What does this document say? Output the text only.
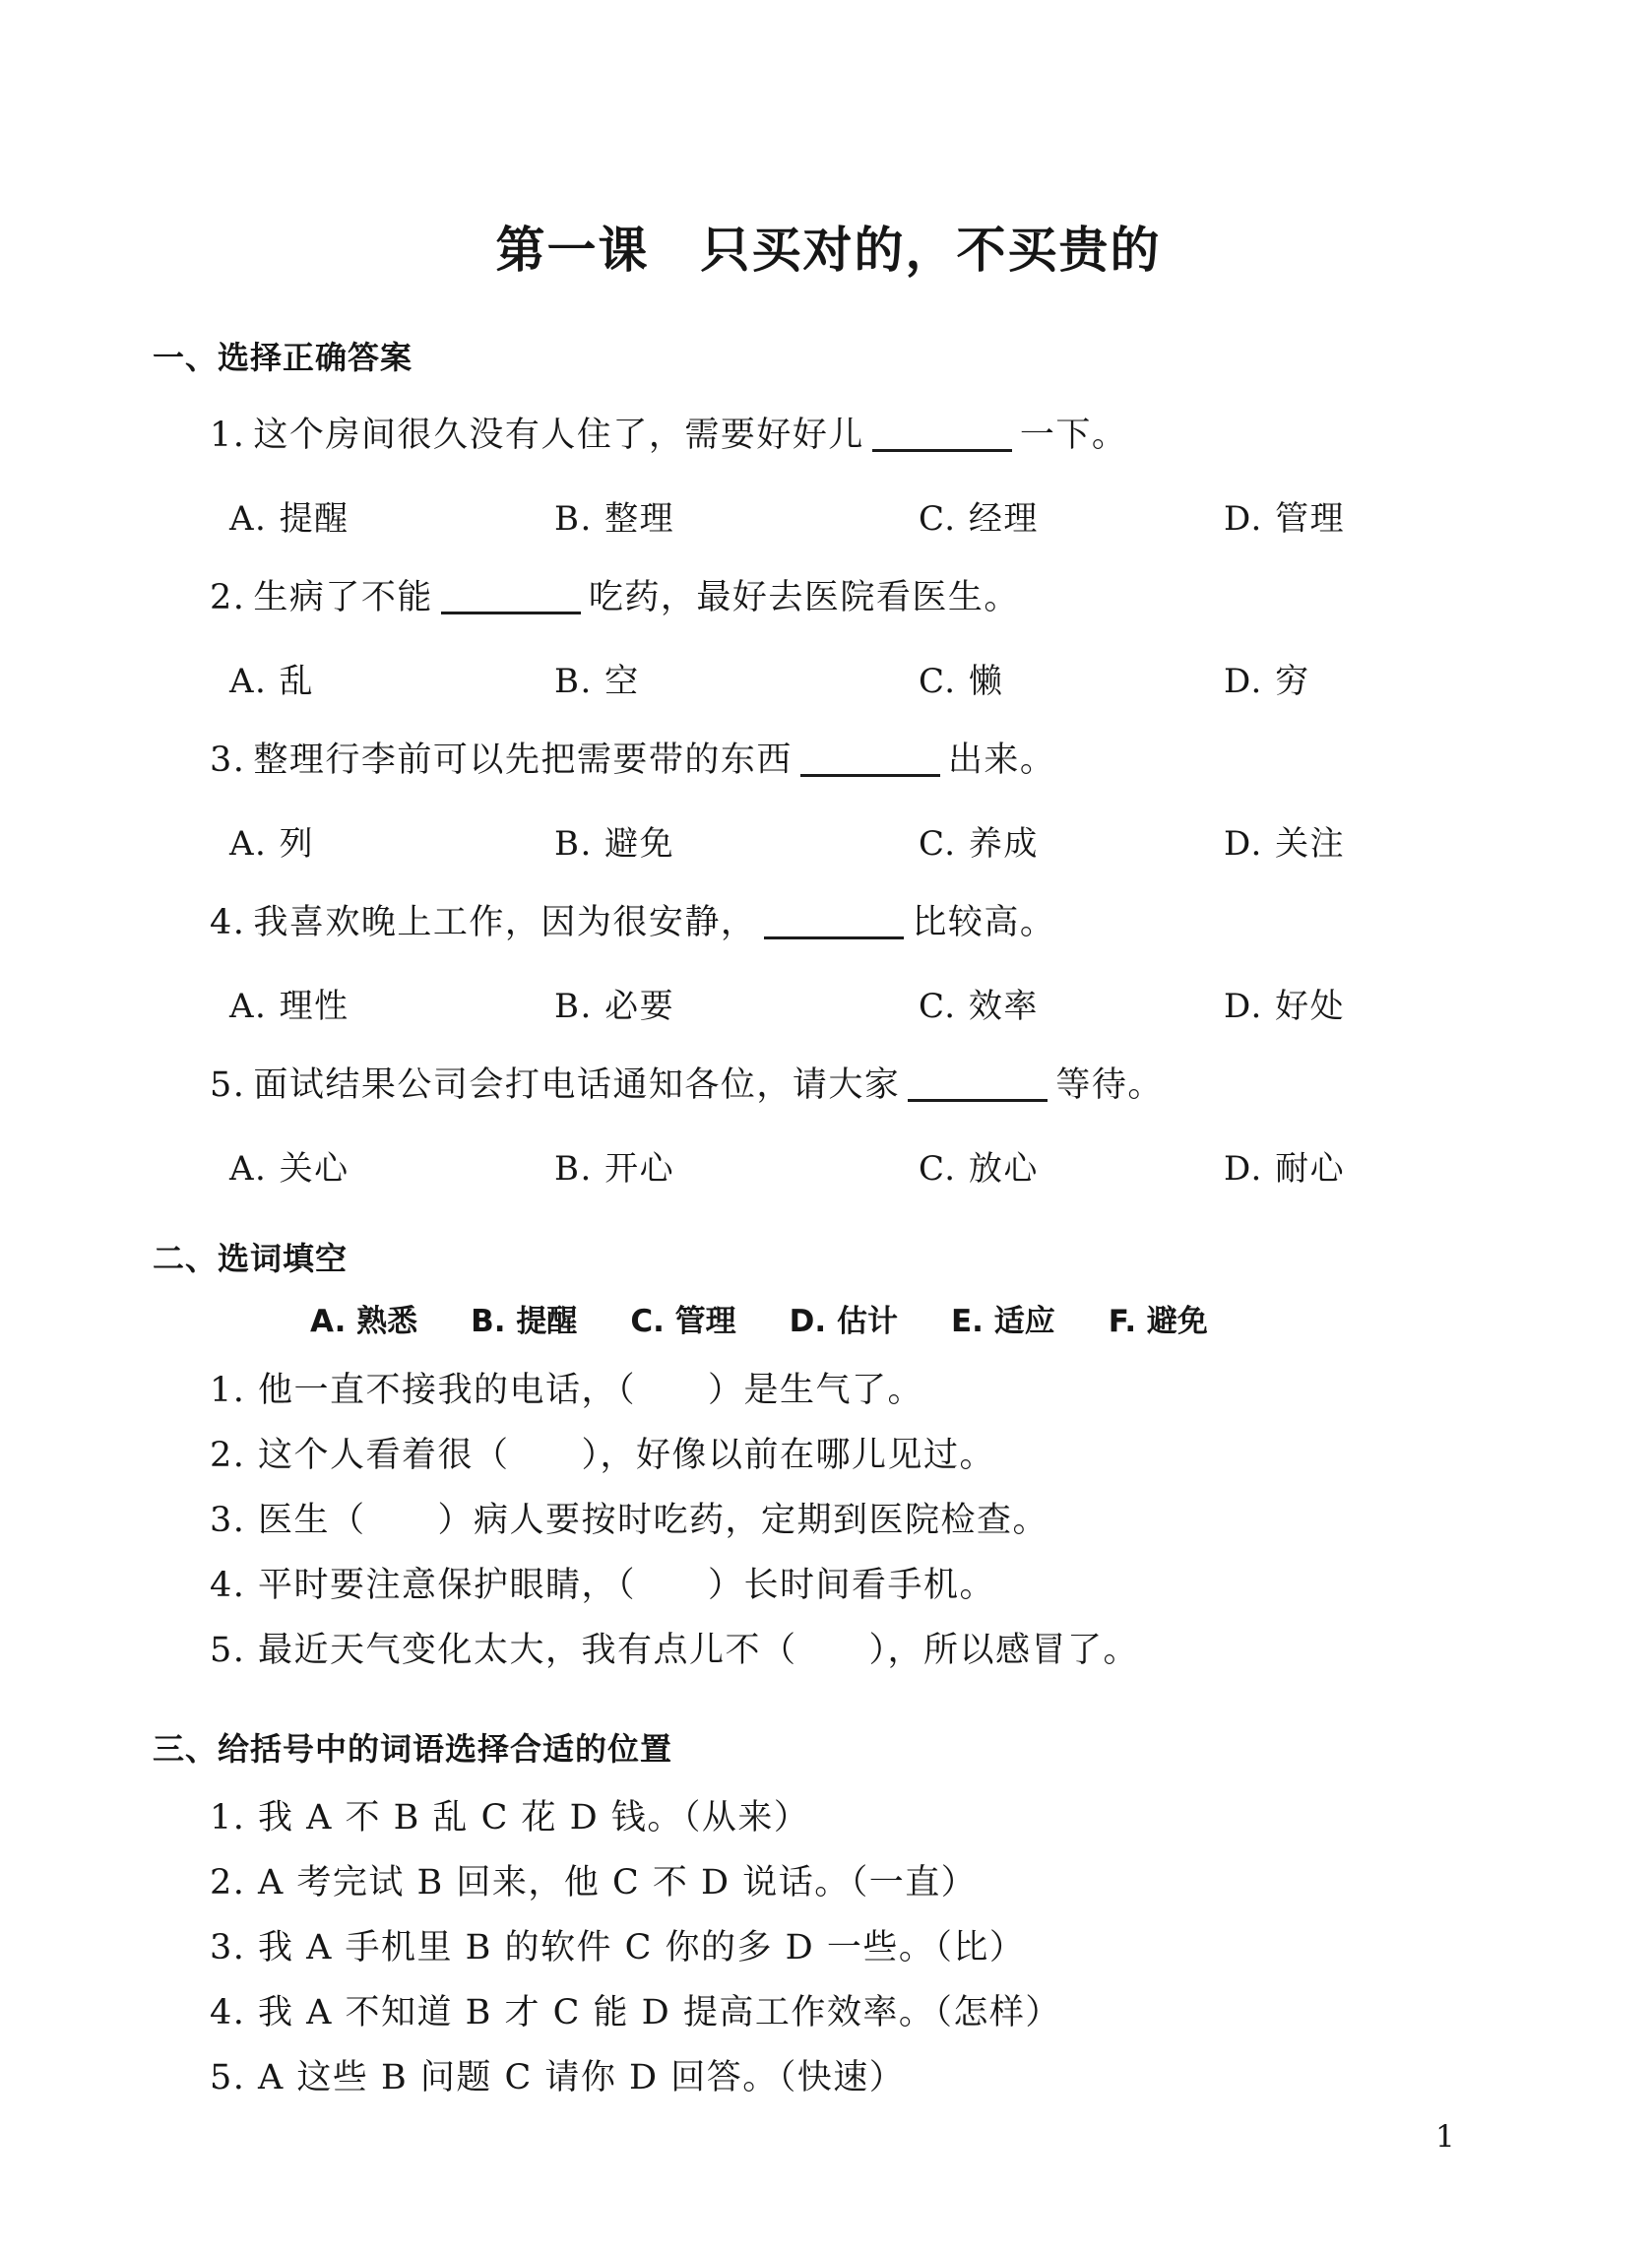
第一课　只买对的，不买贵的
一、选择正确答案
1. 这个房间很久没有人住了，需要好好儿	一下。
A. 提醒	B. 整理	C. 经理	D. 管理
2. 生病了不能	吃药，最好去医院看医生。
A. 乱	B. 空	C. 懒	D. 穷
3. 整理行李前可以先把需要带的东西	出来。
A. 列	B. 避免	C. 养成	D. 关注
4. 我喜欢晚上工作，因为很安静，	比较高。
A. 理性	B. 必要	C. 效率	D. 好处
5. 面试结果公司会打电话通知各位，请大家	等待。
A. 关心	B. 开心	C. 放心	D. 耐心
二、选词填空
A. 熟悉 B. 提醒 C. 管理 D. 估计 E. 适应 F. 避免
1. 他一直不接我的电话，（　　）是生气了。
2. 这个人看着很（　　），好像以前在哪儿见过。
3. 医生（　　）病人要按时吃药，定期到医院检查。
4. 平时要注意保护眼睛，（　　）长时间看手机。
5. 最近天气变化太大，我有点儿不（　　），所以感冒了。
三、给括号中的词语选择合适的位置
1. 我 A 不 B 乱 C 花 D 钱。（从来）
2. A 考完试 B 回来，他 C 不 D 说话。（一直）
3. 我 A 手机里 B 的软件 C 你的多 D 一些。（比）
4. 我 A 不知道 B 才 C 能 D 提高工作效率。（怎样）
5. A 这些 B 问题 C 请你 D 回答。（快速）
1
